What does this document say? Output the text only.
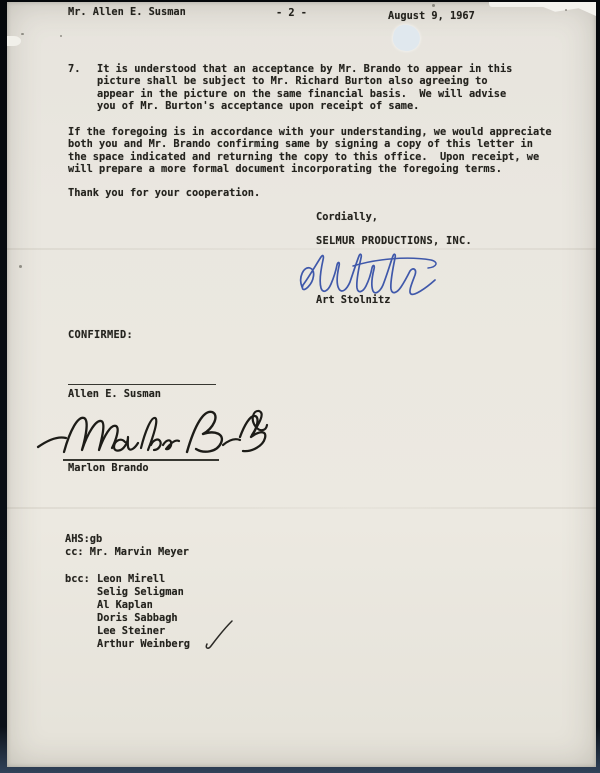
Mr. Allen E. Susman	- 2 -	August 9, 1967
7. It is understood that an acceptance by Mr. Brando to appear in this
picture shall be subject to Mr. Richard Burton also agreeing to
appear in the picture on the same financial basis.  We will advise
you of Mr. Burton's acceptance upon receipt of same.
If the foregoing is in accordance with your understanding, we would appreciate
both you and Mr. Brando confirming same by signing a copy of this letter in
the space indicated and returning the copy to this office.  Upon receipt, we
will prepare a more formal document incorporating the foregoing terms.
Thank you for your cooperation.
Cordially,
SELMUR PRODUCTIONS, INC.
Art Stolnitz
CONFIRMED:
Allen E. Susman
Marlon Brando
AHS:gb
cc: Mr. Marvin Meyer
bcc: Leon Mirell
Selig Seligman
Al Kaplan
Doris Sabbagh
Lee Steiner
Arthur Weinberg
